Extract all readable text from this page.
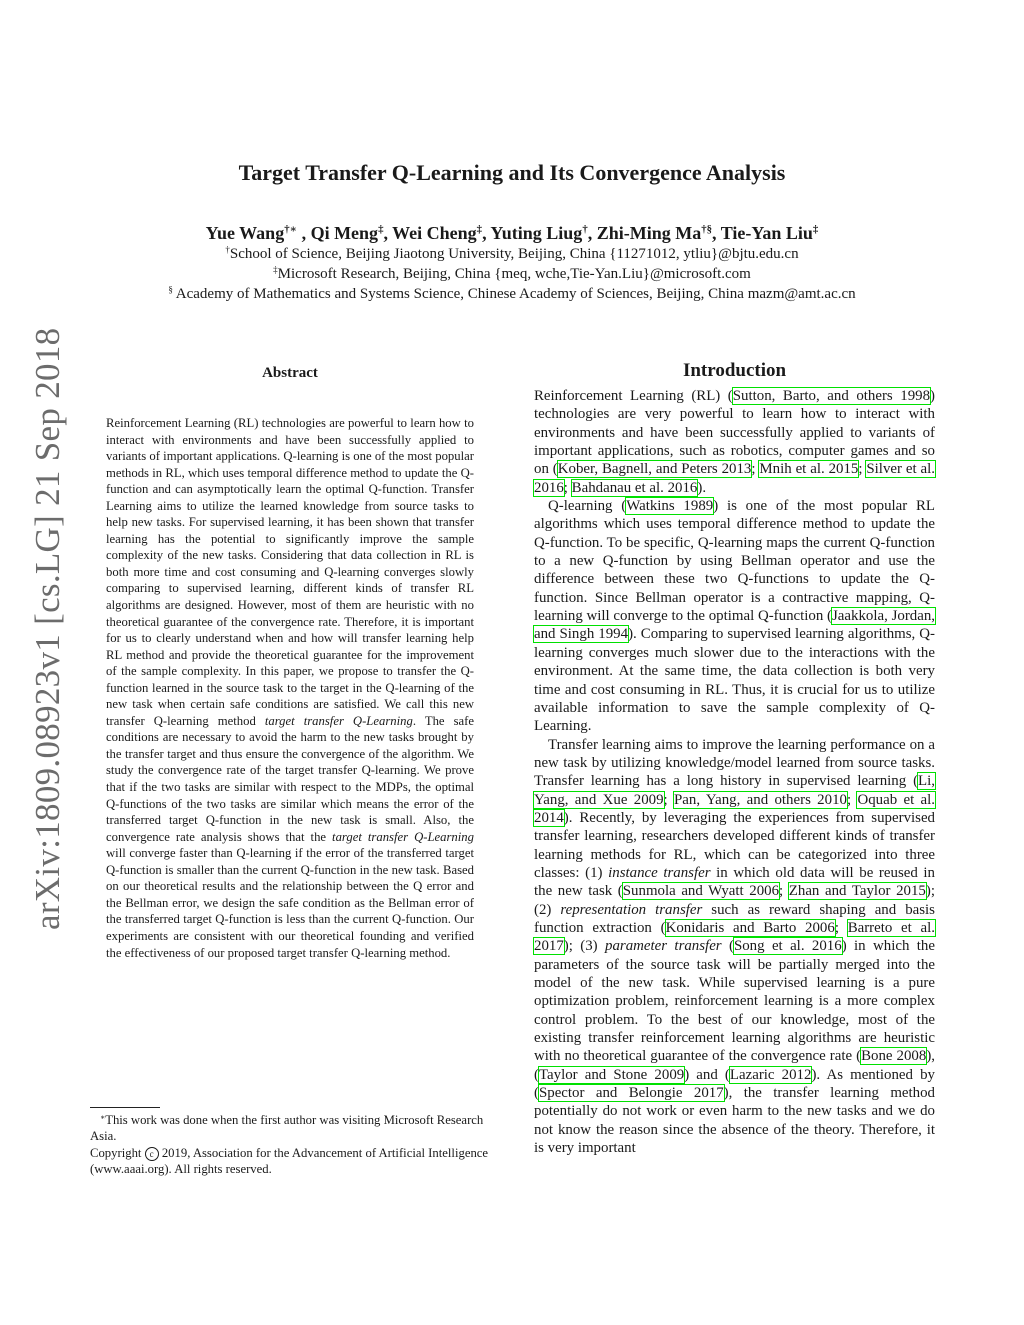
arXiv:1809.08923v1 [cs.LG] 21 Sep 2018
Target Transfer Q-Learning and Its Convergence Analysis
Yue Wang†∗ , Qi Meng‡, Wei Cheng‡, Yuting Liug†, Zhi-Ming Ma†§, Tie-Yan Liu‡

†School of Science, Beijing Jiaotong University, Beijing, China {11271012, ytliu}@bjtu.edu.cn

‡Microsoft Research, Beijing, China {meq, wche,Tie-Yan.Liu}@microsoft.com

§ Academy of Mathematics and Systems Science, Chinese Academy of Sciences, Beijing, China mazm@amt.ac.cn

Abstract

Reinforcement Learning (RL) technologies are powerful to learn how to interact with environments and have been successfully applied to variants of important applications. Q-learning is one of the most popular methods in RL, which uses temporal difference method to update the Q-function and can asymptotically learn the optimal Q-function. Transfer Learning aims to utilize the learned knowledge from source tasks to help new tasks. For supervised learning, it has been shown that transfer learning has the potential to significantly improve the sample complexity of the new tasks. Considering that data collection in RL is both more time and cost consuming and Q-learning converges slowly comparing to supervised learning, different kinds of transfer RL algorithms are designed. However, most of them are heuristic with no theoretical guarantee of the convergence rate. Therefore, it is important for us to clearly understand when and how will transfer learning help RL method and provide the theoretical guarantee for the improvement of the sample complexity. In this paper, we propose to transfer the Q-function learned in the source task to the target in the Q-learning of the new task when certain safe conditions are satisfied. We call this new transfer Q-learning method target transfer Q-Learning. The safe conditions are necessary to avoid the harm to the new tasks brought by the transfer target and thus ensure the convergence of the algorithm. We study the convergence rate of the target transfer Q-learning. We prove that if the two tasks are similar with respect to the MDPs, the optimal Q-functions of the two tasks are similar which means the error of the transferred target Q-function in the new task is small. Also, the convergence rate analysis shows that the target transfer Q-Learning will converge faster than Q-learning if the error of the transferred target Q-function is smaller than the current Q-function in the new task. Based on our theoretical results and the relationship between the Q error and the Bellman error, we design the safe condition as the Bellman error of the transferred target Q-function is less than the current Q-function. Our experiments are consistent with our theoretical founding and verified the effectiveness of our proposed target transfer Q-learning method.

Introduction

Reinforcement Learning (RL) (Sutton, Barto, and others 1998) technologies are very powerful to learn how to interact with environments and have been successfully applied to variants of important applications, such as robotics, computer games and so on (Kober, Bagnell, and Peters 2013; Mnih et al. 2015; Silver et al. 2016; Bahdanau et al. 2016).

Q-learning (Watkins 1989) is one of the most popular RL algorithms which uses temporal difference method to update the Q-function. To be specific, Q-learning maps the current Q-function to a new Q-function by using Bellman operator and use the difference between these two Q-functions to update the Q-function. Since Bellman operator is a contractive mapping, Q-learning will converge to the optimal Q-function (Jaakkola, Jordan, and Singh 1994). Comparing to supervised learning algorithms, Q-learning converges much slower due to the interactions with the environment. At the same time, the data collection is both very time and cost consuming in RL. Thus, it is crucial for us to utilize available information to save the sample complexity of Q-Learning.

Transfer learning aims to improve the learning performance on a new task by utilizing knowledge/model learned from source tasks. Transfer learning has a long history in supervised learning (Li, Yang, and Xue 2009; Pan, Yang, and others 2010; Oquab et al. 2014). Recently, by leveraging the experiences from supervised transfer learning, researchers developed different kinds of transfer learning methods for RL, which can be categorized into three classes: (1) instance transfer in which old data will be reused in the new task (Sunmola and Wyatt 2006; Zhan and Taylor 2015); (2) representation transfer such as reward shaping and basis function extraction (Konidaris and Barto 2006; Barreto et al. 2017); (3) parameter transfer (Song et al. 2016) in which the parameters of the source task will be partially merged into the model of the new task. While supervised learning is a pure optimization problem, reinforcement learning is a more complex control problem. To the best of our knowledge, most of the existing transfer reinforcement learning algorithms are heuristic with no theoretical guarantee of the convergence rate (Bone 2008), (Taylor and Stone 2009) and (Lazaric 2012). As mentioned by (Spector and Belongie 2017), the transfer learning method potentially do not work or even harm to the new tasks and we do not know the reason since the absence of the theory. Therefore, it is very important

∗This work was done when the first author was visiting Microsoft Research Asia.

Copyright c 2019, Association for the Advancement of Artificial Intelligence (www.aaai.org). All rights reserved.
